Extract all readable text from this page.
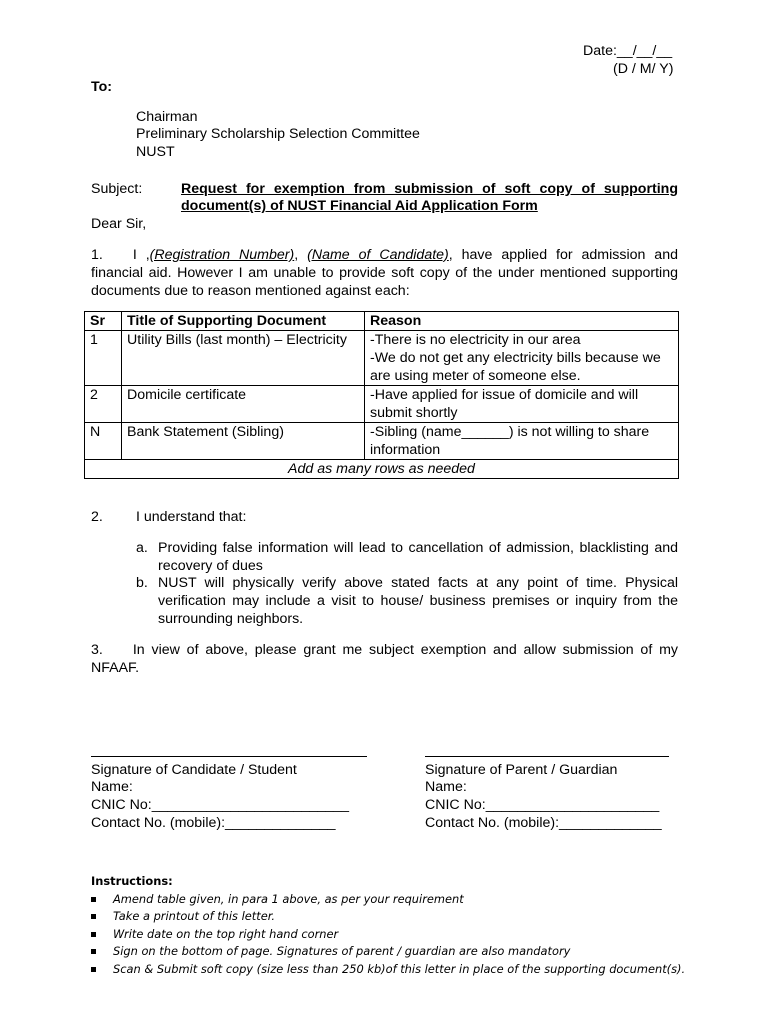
Date:__/__/__
(D / M/ Y)
To:
Chairman
Preliminary Scholarship Selection Committee
NUST
Subject:	Request for exemption from submission of soft copy of supporting
document(s) of NUST Financial Aid Application Form
Dear Sir,
1. I ,(Registration Number), (Name of Candidate), have applied for admission and financial aid. However I am unable to provide soft copy of the under mentioned supporting documents due to reason mentioned against each:
Sr	Title of Supporting Document	Reason
1	Utility Bills (last month) – Electricity	-There is no electricity in our area
-We do not get any electricity bills because we are using meter of someone else.

2	Domicile certificate	-Have applied for issue of domicile and will submit shortly

N	Bank Statement (Sibling)	-Sibling (name______) is not willing to share information

Add as many rows as needed		
2. I understand that:
a. Providing false information will lead to cancellation of admission, blacklisting and recovery of dues
b. NUST will physically verify above stated facts at any point of time. Physical verification may include a visit to house/ business premises or inquiry from the surrounding neighbors.
3. In view of above, please grant me subject exemption and allow submission of my NFAAF.
Signature of Candidate / Student
Name:
CNIC No:_________________________
Contact No. (mobile):______________
Signature of Parent / Guardian
Name:
CNIC No:______________________
Contact No. (mobile):_____________
Instructions:
Amend table given, in para 1 above, as per your requirement
Take a printout of this letter.
Write date on the top right hand corner
Sign on the bottom of page. Signatures of parent / guardian are also mandatory
Scan & Submit soft copy (size less than 250 kb)of this letter in place of the supporting document(s).
